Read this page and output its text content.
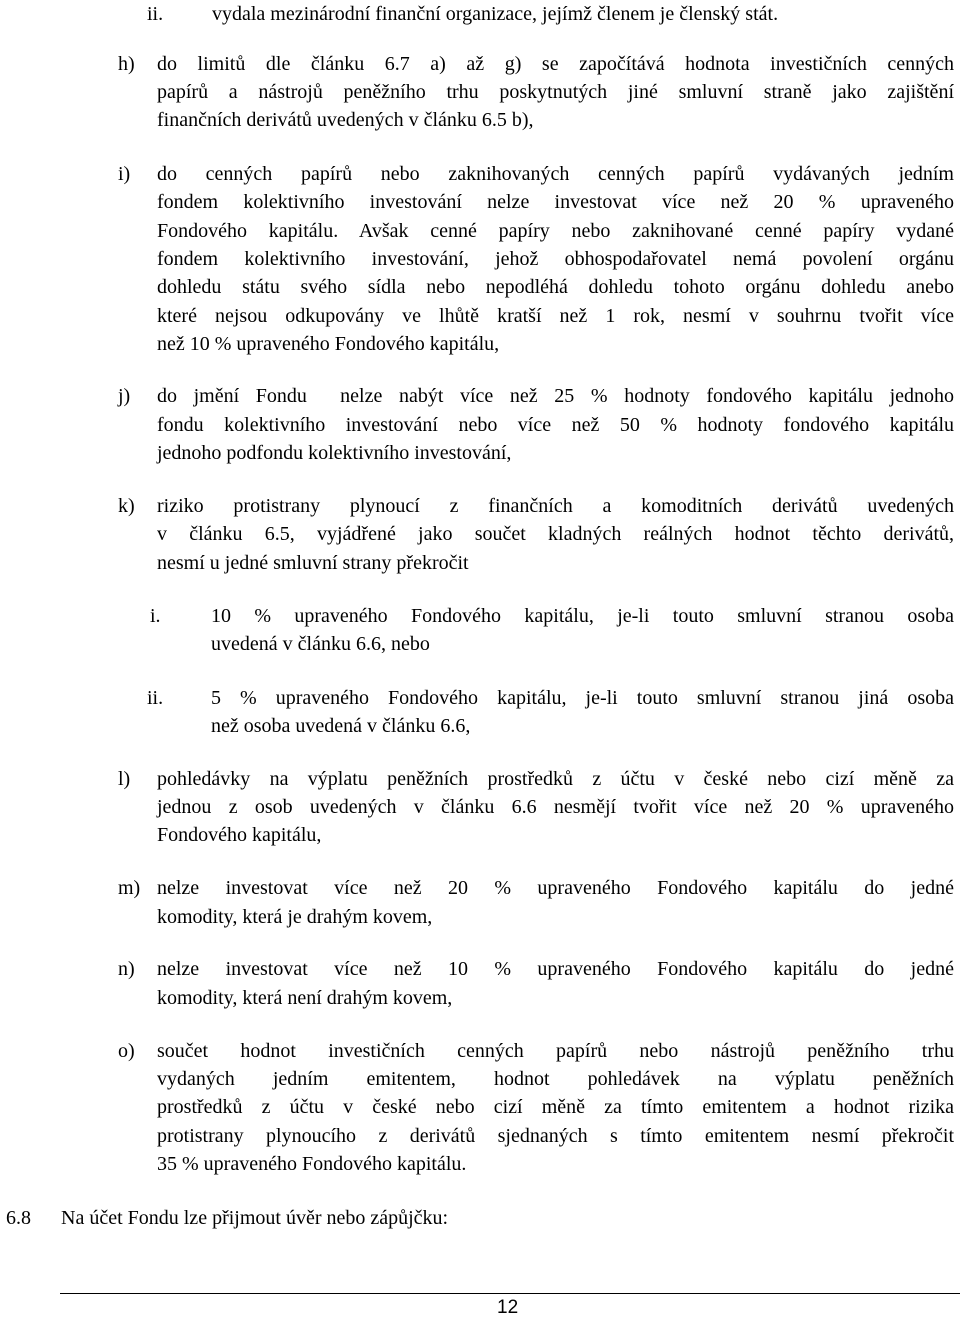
ii. vydala mezinárodní finanční organizace, jejímž členem je členský stát.
h) do limitů dle článku 6.7 a) až g) se započítává hodnota investičních cenných
papírů a nástrojů peněžního trhu poskytnutých jiné smluvní straně jako zajištění
finančních derivátů uvedených v článku 6.5 b),
i) do cenných papírů nebo zaknihovaných cenných papírů vydávaných jedním
fondem kolektivního investování nelze investovat více než 20 % upraveného
Fondového kapitálu. Avšak cenné papíry nebo zaknihované cenné papíry vydané
fondem kolektivního investování, jehož obhospodařovatel nemá povolení orgánu
dohledu státu svého sídla nebo nepodléhá dohledu tohoto orgánu dohledu anebo
které nejsou odkupovány ve lhůtě kratší než 1 rok, nesmí v souhrnu tvořit více
než 10 % upraveného Fondového kapitálu,
j) do jmění Fondu  nelze nabýt více než 25 % hodnoty fondového kapitálu jednoho
fondu kolektivního investování nebo více než 50 % hodnoty fondového kapitálu
jednoho podfondu kolektivního investování,
k) riziko protistrany plynoucí z finančních a komoditních derivátů uvedených
v článku 6.5, vyjádřené jako součet kladných reálných hodnot těchto derivátů,
nesmí u jedné smluvní strany překročit
i.	10 % upraveného Fondového kapitálu, je-li touto smluvní stranou osoba
uvedená v článku 6.6, nebo
ii. 5 % upraveného Fondového kapitálu, je-li touto smluvní stranou jiná osoba
než osoba uvedená v článku 6.6,
l) pohledávky na výplatu peněžních prostředků z účtu v české nebo cizí měně za
jednou z osob uvedených v článku 6.6 nesmějí tvořit více než 20 % upraveného
Fondového kapitálu,
m) nelze investovat více než 20 % upraveného Fondového kapitálu do jedné
komodity, která je drahým kovem,
n) nelze investovat více než 10 % upraveného Fondového kapitálu do jedné
komodity, která není drahým kovem,
o) součet hodnot investičních cenných papírů nebo nástrojů peněžního trhu
vydaných jedním emitentem, hodnot pohledávek na výplatu peněžních
prostředků z účtu v české nebo cizí měně za tímto emitentem a hodnot rizika
protistrany plynoucího z derivátů sjednaných s tímto emitentem nesmí překročit
35 % upraveného Fondového kapitálu.
6.8 Na účet Fondu lze přijmout úvěr nebo zápůjčku:
12
